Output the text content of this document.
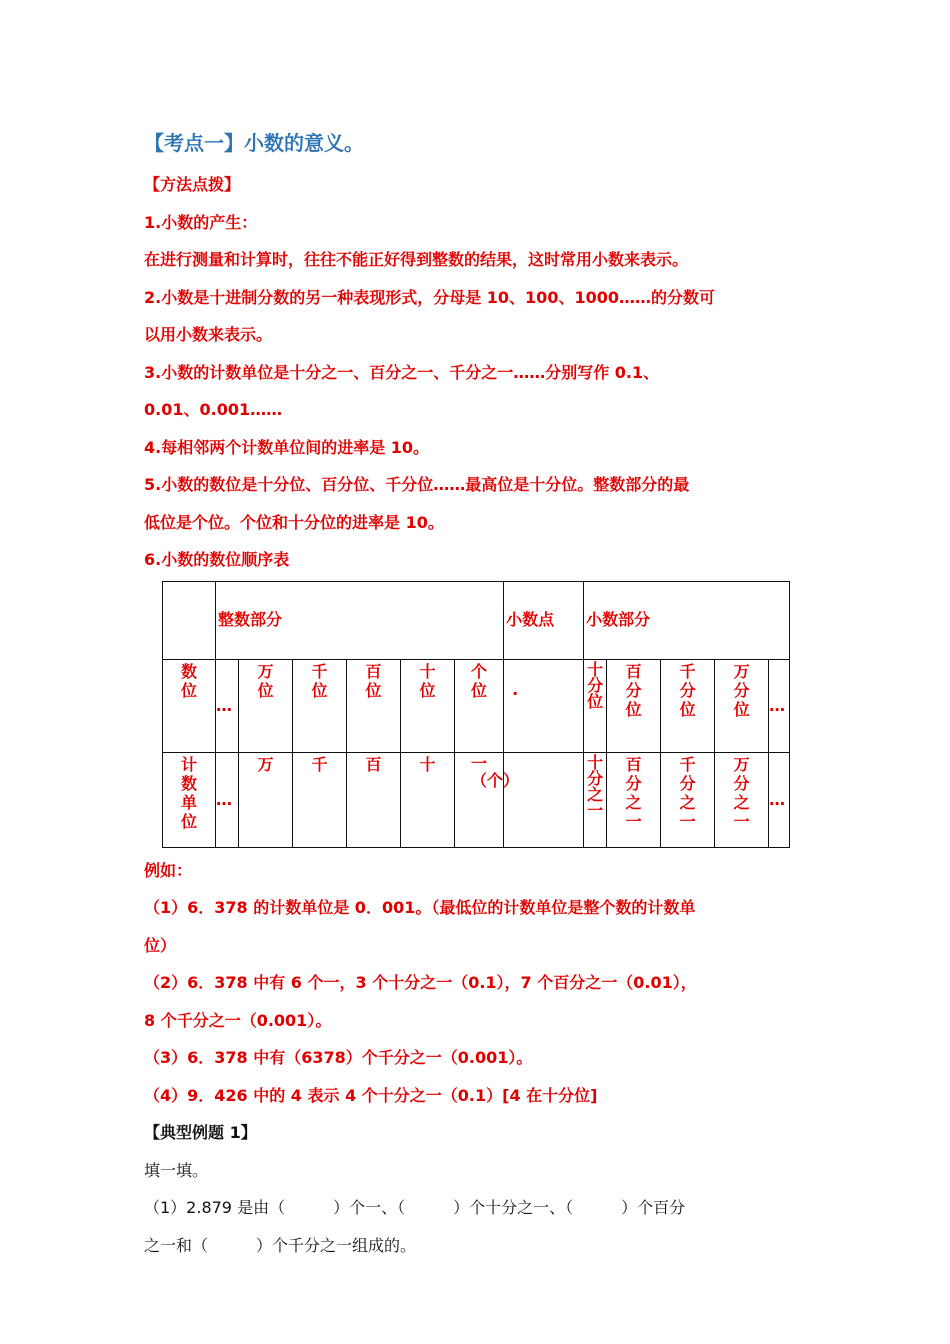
【考点一】小数的意义。
【方法点拨】
1.小数的产生：
在进行测量和计算时，往往不能正好得到整数的结果，这时常用小数来表示。
2.小数是十进制分数的另一种表现形式，分母是 10、100、1000……的分数可
以用小数来表示。
3.小数的计数单位是十分之一、百分之一、千分之一……分别写作 0.1、
0.01、0.001……
4.每相邻两个计数单位间的进率是 10。
5.小数的数位是十分位、百分位、千分位……最高位是十分位。整数部分的最
低位是个位。个位和十分位的进率是 10。
6.小数的数位顺序表
	整数部分						小数点	小数部分				

数位	…	万位	千位	百位	十位	个位	.	十分位	百分位	千分位	万分位	…

计数单位	…	万	千	百	十	一（个）		十分之一	百分之一	千分之一	万分之一	…
例如：
（1）6．378 的计数单位是 0．001。（最低位的计数单位是整个数的计数单
位）
（2）6．378 中有 6 个一，3 个十分之一（0.1），7 个百分之一（0.01），
8 个千分之一（0.001）。
（3）6．378 中有（6378）个千分之一（0.001）。
（4）9．426 中的 4 表示 4 个十分之一（0.1）[4 在十分位]
【典型例题 1】
填一填。
（1）2.879 是由（　　　）个一、（　　　）个十分之一、（　　　）个百分
之一和（　　　）个千分之一组成的。
